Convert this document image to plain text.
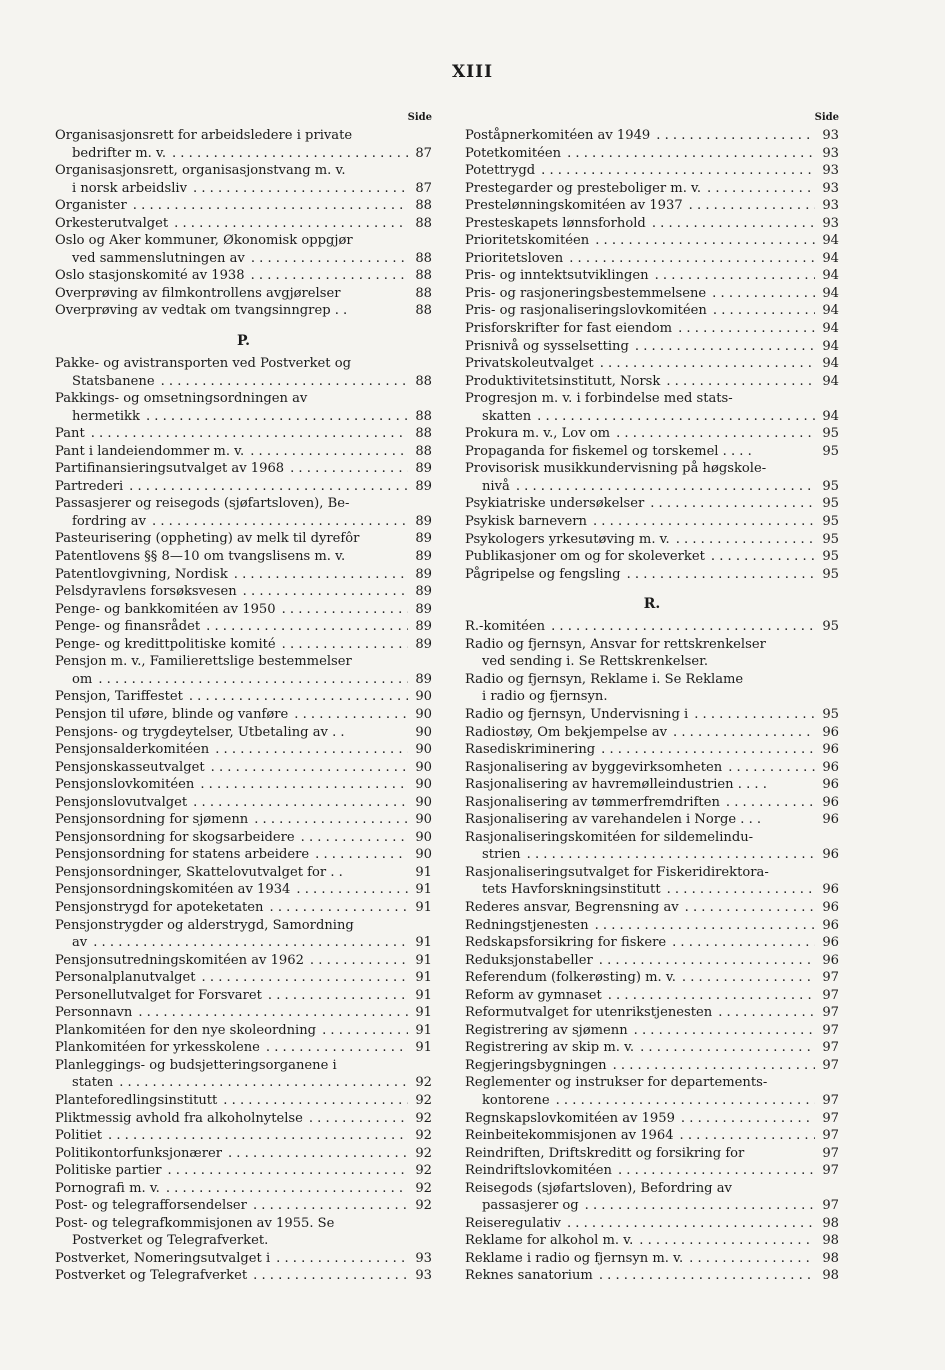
XIII
Side
Organisasjonsrett for arbeidsledere i private
bedrifter m. v. . . .	87
Organisasjonsrett, organisasjonstvang m. v.
i norsk arbeidsliv . . .	87
Organister . . .	88
Orkesterutvalget . . .	88
Oslo og Aker kommuner, Økonomisk oppgjør
ved sammenslutningen av . . .	88
Oslo stasjonskomité av 1938 . . .	88
Overprøving av filmkontrollens avgjørelser	88
Overprøving av vedtak om tvangsinngrep . .	88
P.
Pakke- og avistransporten ved Postverket og
Statsbanene . . .	88
Pakkings- og omsetningsordningen av
hermetikk . . .	88
Pant . . .	88
Pant i landeiendommer m. v. . . .	88
Partifinansieringsutvalget av 1968 . . .	89
Partrederi . . .	89
Passasjerer og reisegods (sjøfartsloven), Be-
fordring av . . .	89
Pasteurisering (oppheting) av melk til dyrefôr	89
Patentlovens §§ 8—10 om tvangslisens m. v.	89
Patentlovgivning, Nordisk . . .	89
Pelsdyravlens forsøksvesen . . .	89
Penge- og bankkomitéen av 1950 . . .	89
Penge- og finansrådet . . .	89
Penge- og kredittpolitiske komité . . .	89
Pensjon m. v., Familierettslige bestemmelser
om . . .	89
Pensjon, Tariffestet . . .	90
Pensjon til uføre, blinde og vanføre . . .	90
Pensjons- og trygdeytelser, Utbetaling av . .	90
Pensjonsalderkomitéen . . .	90
Pensjonskasseutvalget . . .	90
Pensjonslovkomitéen . . .	90
Pensjonslovutvalget . . .	90
Pensjonsordning for sjømenn . . .	90
Pensjonsordning for skogsarbeidere . . .	90
Pensjonsordning for statens arbeidere . . .	90
Pensjonsordninger, Skattelovutvalget for . .	91
Pensjonsordningskomitéen av 1934 . . .	91
Pensjonstrygd for apoteketaten . . .	91
Pensjonstrygder og alderstrygd, Samordning
av . . .	91
Pensjonsutredningskomitéen av 1962 . . .	91
Personalplanutvalget . . .	91
Personellutvalget for Forsvaret . . .	91
Personnavn . . .	91
Plankomitéen for den nye skoleordning . . .	91
Plankomitéen for yrkesskolene . . .	91
Planleggings- og budsjetteringsorganene i
staten . . .	92
Planteforedlingsinstitutt . . .	92
Pliktmessig avhold fra alkoholnytelse . . .	92
Politiet . . .	92
Politikontorfunksjonærer . . .	92
Politiske partier . . .	92
Pornografi m. v. . . .	92
Post- og telegrafforsendelser . . .	92
Post- og telegrafkommisjonen av 1955. Se
Postverket og Telegrafverket.
Postverket, Nomeringsutvalget i . . .	93
Postverket og Telegrafverket . . .	93
Side
Poståpnerkomitéen av 1949 . . .	93
Potetkomitéen . . .	93
Potettrygd . . .	93
Prestegarder og presteboliger m. v. . . .	93
Prestelønningskomitéen av 1937 . . .	93
Presteskapets lønnsforhold . . .	93
Prioritetskomitéen . . .	94
Prioritetsloven . . .	94
Pris- og inntektsutviklingen . . .	94
Pris- og rasjoneringsbestemmelsene . . .	94
Pris- og rasjonaliseringslovkomitéen . . .	94
Prisforskrifter for fast eiendom . . .	94
Prisnivå og sysselsetting . . .	94
Privatskoleutvalget . . .	94
Produktivitetsinstitutt, Norsk . . .	94
Progresjon m. v. i forbindelse med stats-
skatten . . .	94
Prokura m. v., Lov om . . .	95
Propaganda for fiskemel og torskemel . . . .	95
Provisorisk musikkundervisning på høgskole-
nivå . . .	95
Psykiatriske undersøkelser . . .	95
Psykisk barnevern . . .	95
Psykologers yrkesutøving m. v. . . .	95
Publikasjoner om og for skoleverket . . .	95
Pågripelse og fengsling . . .	95
R.
R.-komitéen . . .	95
Radio og fjernsyn, Ansvar for rettskrenkelser
ved sending i. Se Rettskrenkelser.
Radio og fjernsyn, Reklame i. Se Reklame
i radio og fjernsyn.
Radio og fjernsyn, Undervisning i . . .	95
Radiostøy, Om bekjempelse av . . .	96
Rasediskriminering . . .	96
Rasjonalisering av byggevirksomheten . . .	96
Rasjonalisering av havremølleindustrien . . . .	96
Rasjonalisering av tømmerfremdriften . . .	96
Rasjonalisering av varehandelen i Norge . . .	96
Rasjonaliseringskomitéen for sildemelindu-
strien . . .	96
Rasjonaliseringsutvalget for Fiskeridirektora-
tets Havforskningsinstitutt . . .	96
Rederes ansvar, Begrensning av . . .	96
Redningstjenesten . . .	96
Redskapsforsikring for fiskere . . .	96
Reduksjonstabeller . . .	96
Referendum (folkerøsting) m. v. . . .	97
Reform av gymnaset . . .	97
Reformutvalget for utenrikstjenesten . . .	97
Registrering av sjømenn . . .	97
Registrering av skip m. v. . . .	97
Regjeringsbygningen . . .	97
Reglementer og instrukser for departements-
kontorene . . .	97
Regnskapslovkomitéen av 1959 . . .	97
Reinbeitekommisjonen av 1964 . . .	97
Reindriften, Driftskreditt og forsikring for	97
Reindriftslovkomitéen . . .	97
Reisegods (sjøfartsloven), Befordring av
passasjerer og . . .	97
Reiseregulativ . . .	98
Reklame for alkohol m. v. . . .	98
Reklame i radio og fjernsyn m. v. . . .	98
Reknes sanatorium . . .	98
